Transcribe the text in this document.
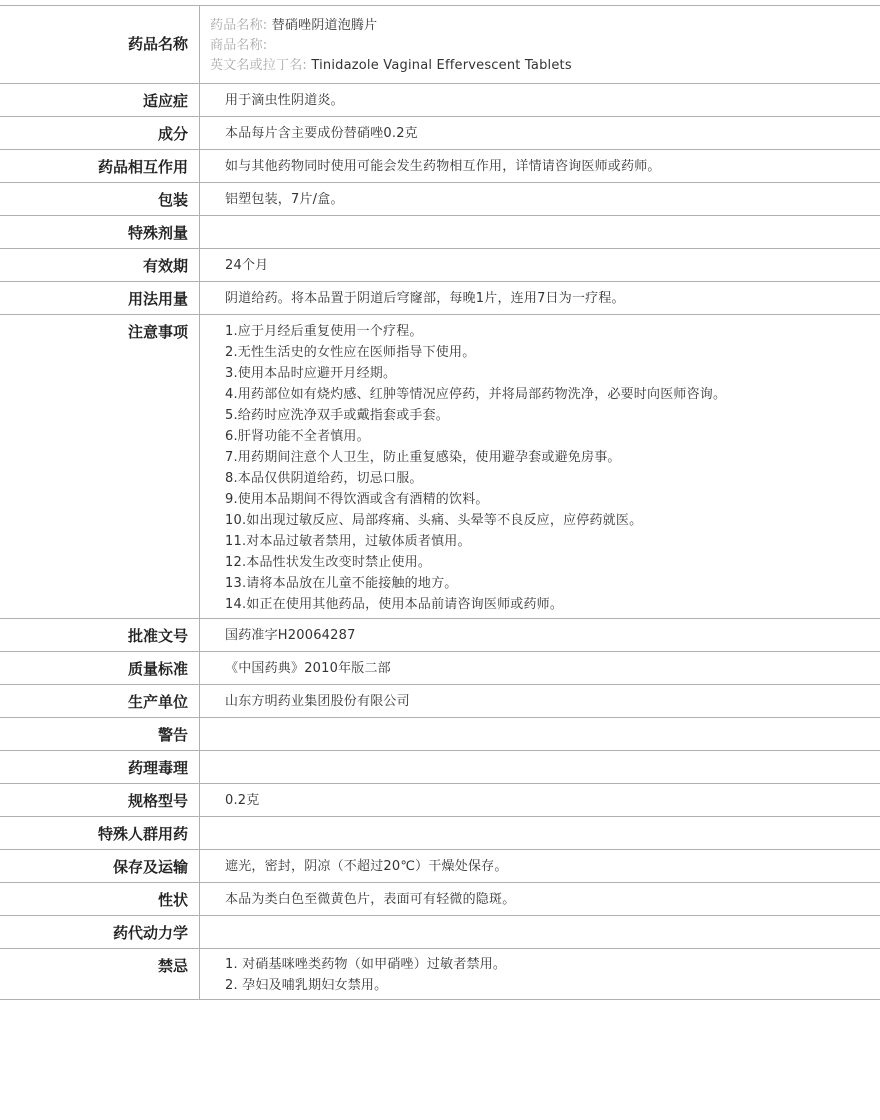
药品名称
药品名称: 替硝唑阴道泡腾片
商品名称:
英文名或拉丁名: Tinidazole Vaginal Effervescent Tablets
适应症	用于滴虫性阴道炎。
成分	本品每片含主要成份替硝唑0.2克
药品相互作用	如与其他药物同时使用可能会发生药物相互作用，详情请咨询医师或药师。
包装	铝塑包装，7片/盒。
特殊剂量
有效期	24个月
用法用量	阴道给药。将本品置于阴道后穹窿部，每晚1片，连用7日为一疗程。
注意事项	1.应于月经后重复使用一个疗程。
2.无性生活史的女性应在医师指导下使用。
3.使用本品时应避开月经期。
4.用药部位如有烧灼感、红肿等情况应停药，并将局部药物洗净，必要时向医师咨询。
5.给药时应洗净双手或戴指套或手套。
6.肝肾功能不全者慎用。
7.用药期间注意个人卫生，防止重复感染，使用避孕套或避免房事。
8.本品仅供阴道给药，切忌口服。
9.使用本品期间不得饮酒或含有酒精的饮料。
10.如出现过敏反应、局部疼痛、头痛、头晕等不良反应，应停药就医。
11.对本品过敏者禁用，过敏体质者慎用。
12.本品性状发生改变时禁止使用。
13.请将本品放在儿童不能接触的地方。
14.如正在使用其他药品，使用本品前请咨询医师或药师。
批准文号	国药准字H20064287
质量标准	《中国药典》2010年版二部
生产单位	山东方明药业集团股份有限公司
警告
药理毒理
规格型号	0.2克
特殊人群用药
保存及运输	遮光，密封，阴凉（不超过20℃）干燥处保存。
性状	本品为类白色至微黄色片，表面可有轻微的隐斑。
药代动力学
禁忌	1. 对硝基咪唑类药物（如甲硝唑）过敏者禁用。
2. 孕妇及哺乳期妇女禁用。
